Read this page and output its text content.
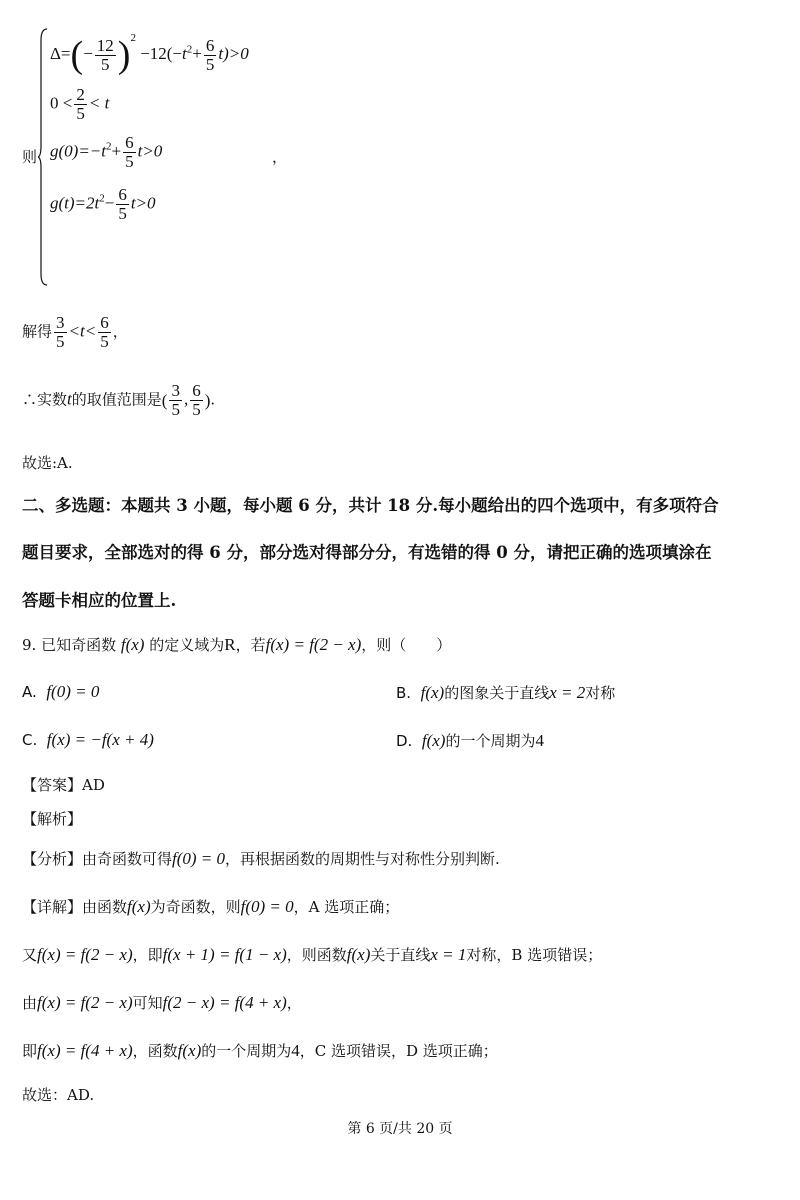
则
$\Delta=(- \frac{12}{5} )^2 -12(-t^2+ \frac{6}{5} t)>0$
$0 < \frac{2}{5} < t$
$g(0)=-t^2+ \frac{6}{5} t>0$	，
$g(t)=2t^2- \frac{6}{5} t>0$
解得 $\frac{3}{5} <t< \frac{6}{5}$ ，
∴实数t的取值范围是( $\frac{3}{5}$ , $\frac{6}{5}$ ).
故选:A.
二、多选题：本题共 3 小题，每小题 6 分，共计 18 分.每小题给出的四个选项中，有多项符合
题目要求，全部选对的得 6 分，部分选对得部分分，有选错的得 0 分，请把正确的选项填涂在
答题卡相应的位置上.
9. 已知奇函数 f(x) 的定义域为R，若f(x) = f(2 − x)，则（　　）
A. f(0) = 0	B. f(x)的图象关于直线x = 2对称
C. f(x) = −f(x + 4)	D. f(x)的一个周期为4
【答案】AD
【解析】
【分析】由奇函数可得f(0) = 0，再根据函数的周期性与对称性分别判断.
【详解】由函数f(x)为奇函数，则f(0) = 0，A 选项正确；
又f(x) = f(2 − x)，即f(x + 1) = f(1 − x)，则函数f(x)关于直线x = 1对称，B 选项错误；
由f(x) = f(2 − x)可知f(2 − x) = f(4 + x)，
即f(x) = f(4 + x)，函数f(x)的一个周期为4，C 选项错误，D 选项正确；
故选：AD.
第 6 页/共 20 页
